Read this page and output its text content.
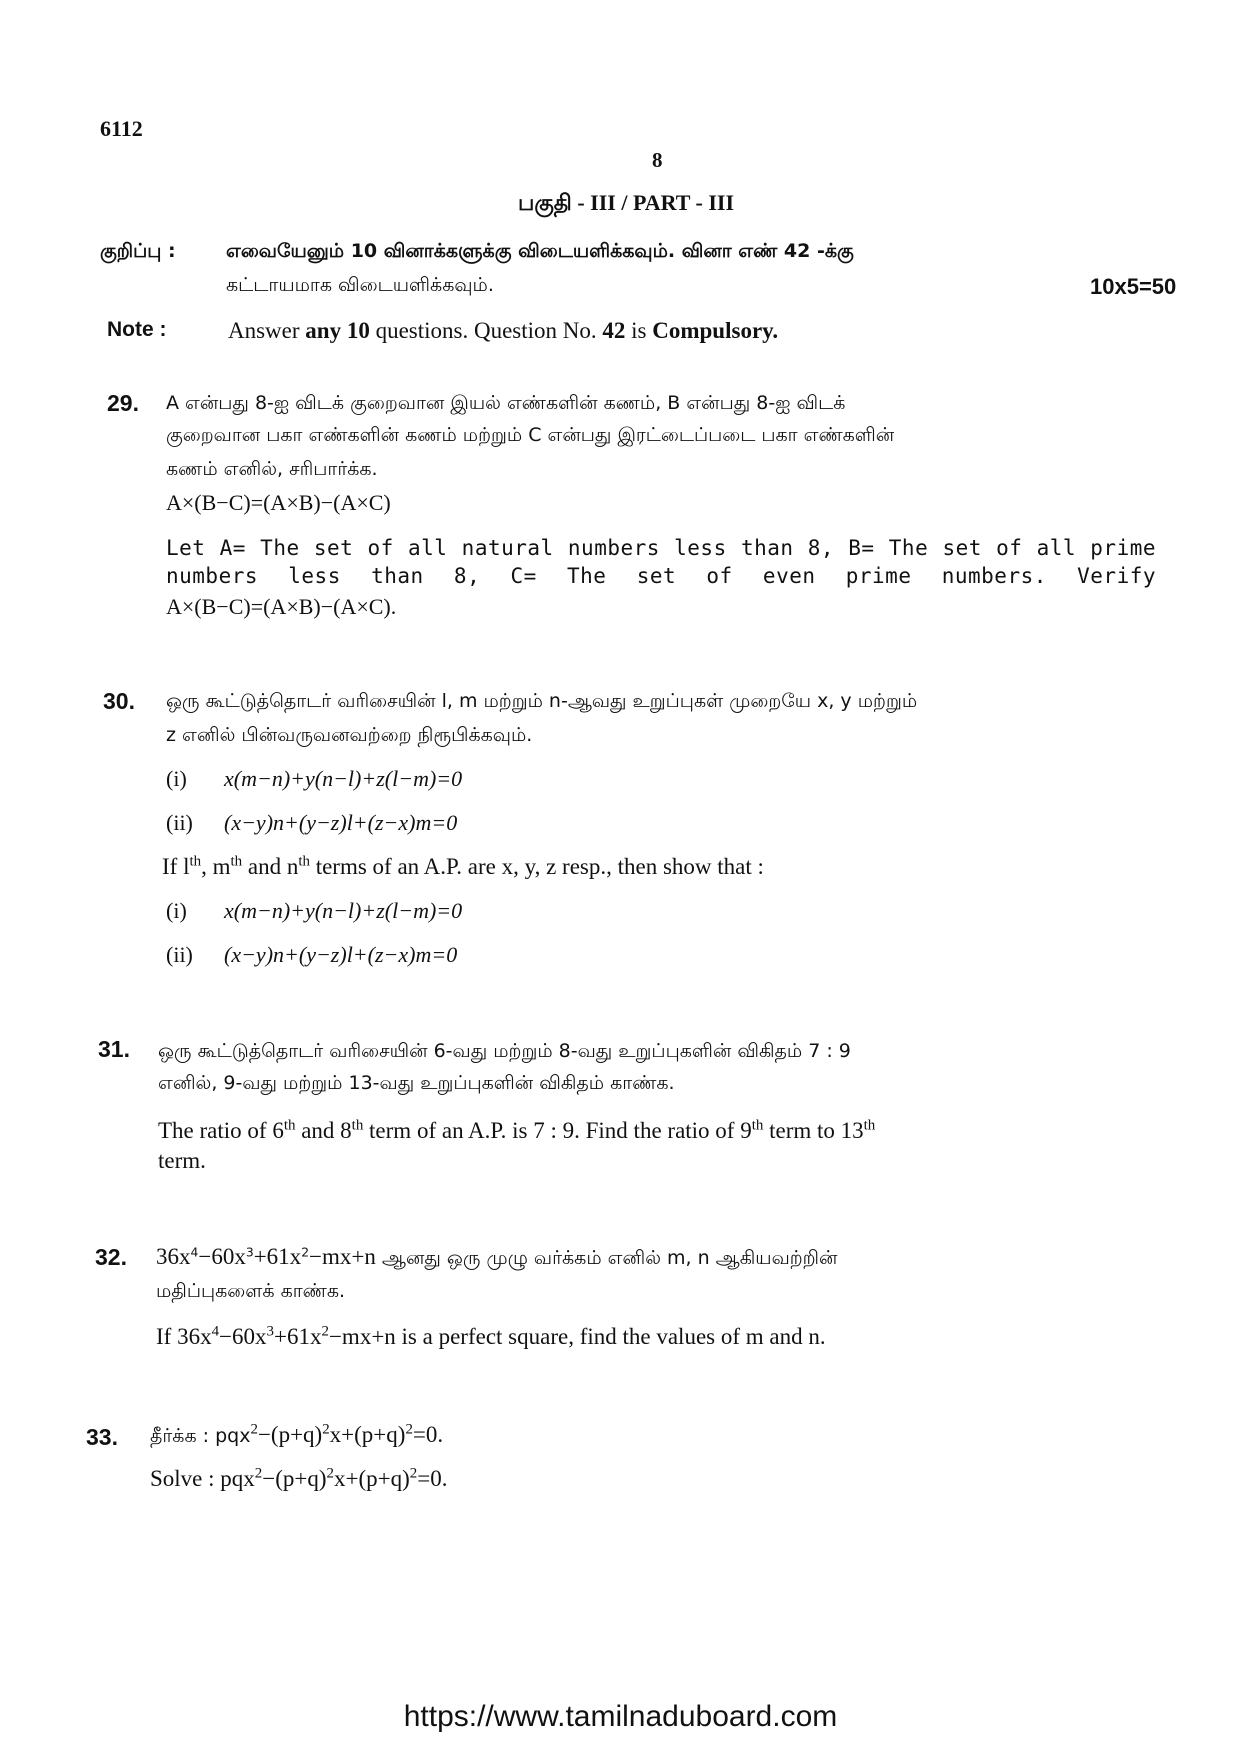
6112
8
பகுதி - III / PART - III
குறிப்பு :	எவையேனும் 10 வினாக்களுக்கு விடையளிக்கவும். வினா எண் 42 -க்கு
கட்டாயமாக விடையளிக்கவும்.	10x5=50
Note :	Answer any 10 questions. Question No. 42 is Compulsory.
29. A என்பது 8-ஐ விடக் குறைவான இயல் எண்களின் கணம், B என்பது 8-ஐ விடக்
குறைவான பகா எண்களின் கணம் மற்றும் C என்பது இரட்டைப்படை பகா எண்களின்
கணம் எனில், சரிபார்க்க.
A×(B−C)=(A×B)−(A×C)
Let A= The set of all natural numbers less than 8, B= The set of all prime
numbers less than 8, C= The set of even prime numbers. Verify
A×(B−C)=(A×B)−(A×C).
30. ஒரு கூட்டுத்தொடர் வரிசையின் l, m மற்றும் n-ஆவது உறுப்புகள் முறையே x, y மற்றும்
z எனில் பின்வருவனவற்றை நிரூபிக்கவும்.
(i) x(m−n)+y(n−l)+z(l−m)=0
(ii) (x−y)n+(y−z)l+(z−x)m=0
If $l^{th}$, $m^{th}$ and $n^{th}$ terms of an A.P. are x, y, z resp., then show that :
(i) x(m−n)+y(n−l)+z(l−m)=0
(ii) (x−y)n+(y−z)l+(z−x)m=0
31. ஒரு கூட்டுத்தொடர் வரிசையின் 6-வது மற்றும் 8-வது உறுப்புகளின் விகிதம் 7 : 9
எனில், 9-வது மற்றும் 13-வது உறுப்புகளின் விகிதம் காண்க.
The ratio of 6th and 8th term of an A.P. is 7 : 9. Find the ratio of 9th term to 13th
term.
32. $36x^4-60x^3+61x^2-mx+n$ ஆனது ஒரு முழு வர்க்கம் எனில் m, n ஆகியவற்றின்
மதிப்புகளைக் காண்க.
If $36x^4-60x^3+61x^2-mx+n$ is a perfect square, find the values of m and n.
33. தீர்க்க : $pqx^2-(p+q)^2x+(p+q)^2=0$.
Solve : $pqx^2-(p+q)^2x+(p+q)^2=0$.
https://www.tamilnaduboard.com
